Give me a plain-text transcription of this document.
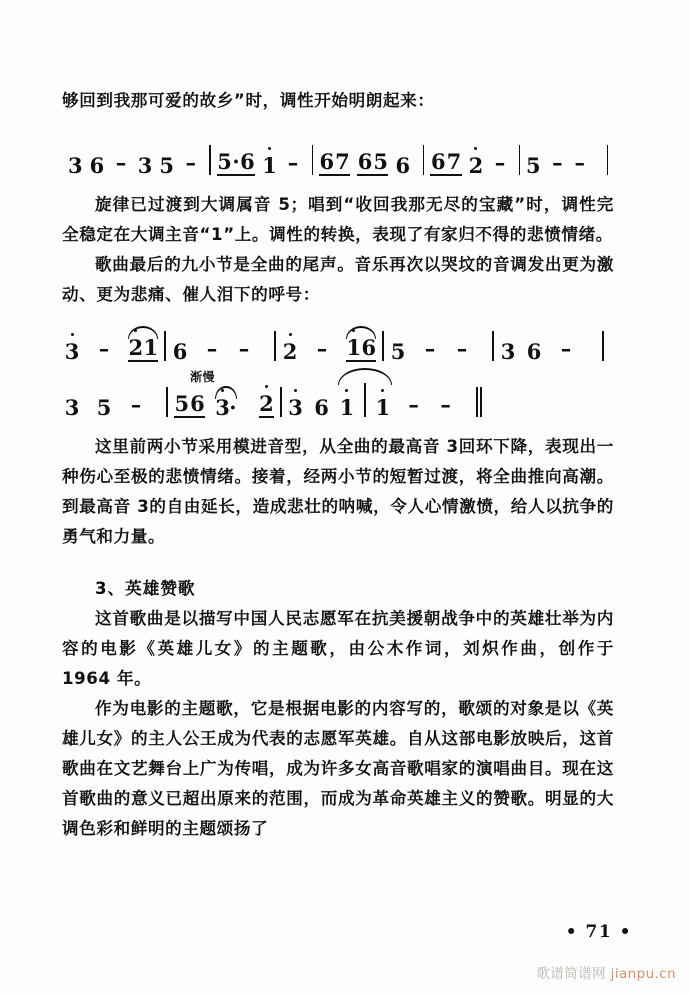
够回到我那可爱的故乡”时，调性开始明朗起来：

3 6 – 3 5 – 5 · 6 1 – 6 7 6 5 6 6 7 2 – 5 – –

旋律已过渡到大调属音 5；唱到“收回我那无尽的宝藏”时，调性完全稳定在大调主音“1”上。调性的转换，表现了有家归不得的悲愤情绪。

歌曲最后的九小节是全曲的尾声。音乐再次以哭坟的音调发出更为激动、更为悲痛、催人泪下的呼号：

3 – 2 1 6 – – 2 – 1 6 5 – – 3 6 –
渐慢
3 5 – 5 6 3 · 2 3 6 1 1 – –

这里前两小节采用模进音型，从全曲的最高音 3回环下降，表现出一种伤心至极的悲愤情绪。接着，经两小节的短暂过渡，将全曲推向高潮。到最高音 3的自由延长，造成悲壮的呐喊，令人心情激愤，给人以抗争的勇气和力量。

3、英雄赞歌

这首歌曲是以描写中国人民志愿军在抗美援朝战争中的英雄壮举为内容的电影《英雄儿女》的主题歌，由公木作词，刘炽作曲，创作于 1964 年。

作为电影的主题歌，它是根据电影的内容写的，歌颂的对象是以《英雄儿女》的主人公王成为代表的志愿军英雄。自从这部电影放映后，这首歌曲在文艺舞台上广为传唱，成为许多女高音歌唱家的演唱曲目。现在这首歌曲的意义已超出原来的范围，而成为革命英雄主义的赞歌。明显的大调色彩和鲜明的主题颂扬了

• 71 •
歌谱简谱网 jianpu.cn
